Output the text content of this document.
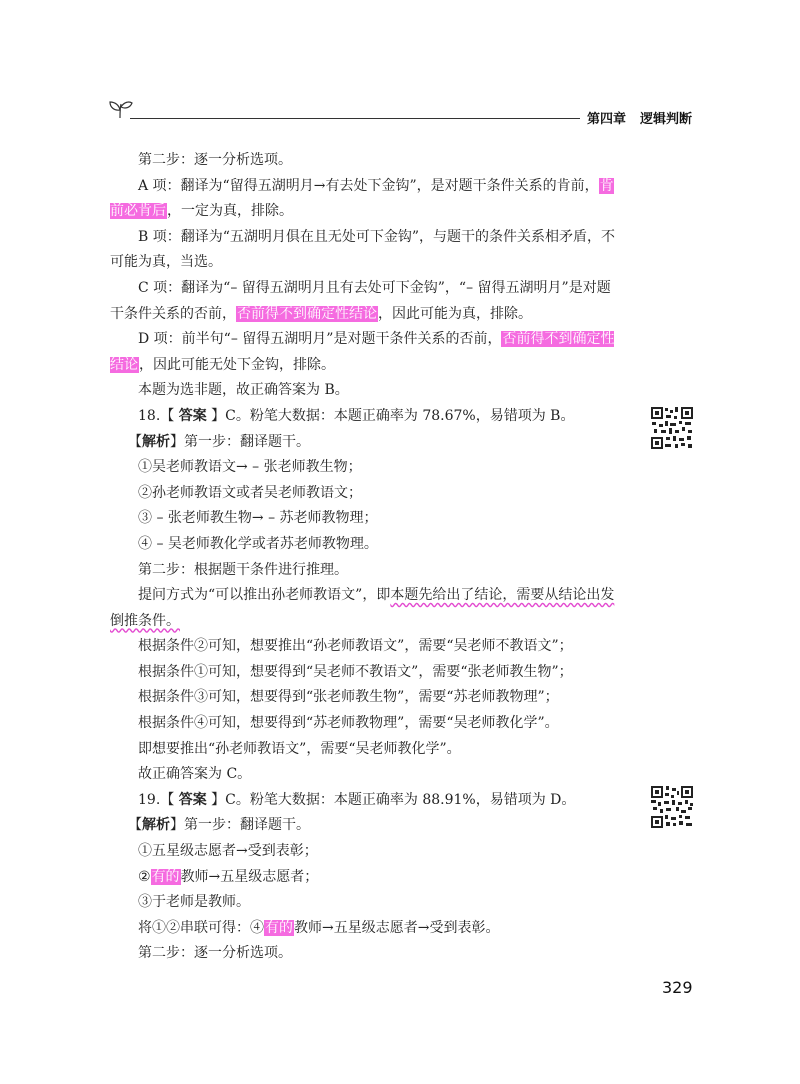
第四章 逻辑判断

第二步：逐一分析选项。

A 项：翻译为“留得五湖明月→有去处下金钩”，是对题干条件关系的肯前，肯前必肯后，一定为真，排除。

B 项：翻译为“五湖明月俱在且无处可下金钩”，与题干的条件关系相矛盾，不可能为真，当选。

C 项：翻译为“– 留得五湖明月且有去处可下金钩”，“– 留得五湖明月”是对题干条件关系的否前，否前得不到确定性结论，因此可能为真，排除。

D 项：前半句“– 留得五湖明月”是对题干条件关系的否前，否前得不到确定性结论，因此可能无处下金钩，排除。

本题为选非题，故正确答案为 B。

18.【 答案 】C。粉笔大数据：本题正确率为 78.67%，易错项为 B。

【解析】第一步：翻译题干。

①吴老师教语文→ – 张老师教生物；

②孙老师教语文或者吴老师教语文；

③ – 张老师教生物→ – 苏老师教物理；

④ – 吴老师教化学或者苏老师教物理。

第二步：根据题干条件进行推理。

提问方式为“可以推出孙老师教语文”，即本题先给出了结论，需要从结论出发倒推条件。

根据条件②可知，想要推出“孙老师教语文”，需要“吴老师不教语文”；

根据条件①可知，想要得到“吴老师不教语文”，需要“张老师教生物”；

根据条件③可知，想要得到“张老师教生物”，需要“苏老师教物理”；

根据条件④可知，想要得到“苏老师教物理”，需要“吴老师教化学”。

即想要推出“孙老师教语文”，需要“吴老师教化学”。

故正确答案为 C。

19.【 答案 】C。粉笔大数据：本题正确率为 88.91%，易错项为 D。

【解析】第一步：翻译题干。

①五星级志愿者→受到表彰；

②有的教师→五星级志愿者；

③于老师是教师。

将①②串联可得：④有的教师→五星级志愿者→受到表彰。

第二步：逐一分析选项。

329
